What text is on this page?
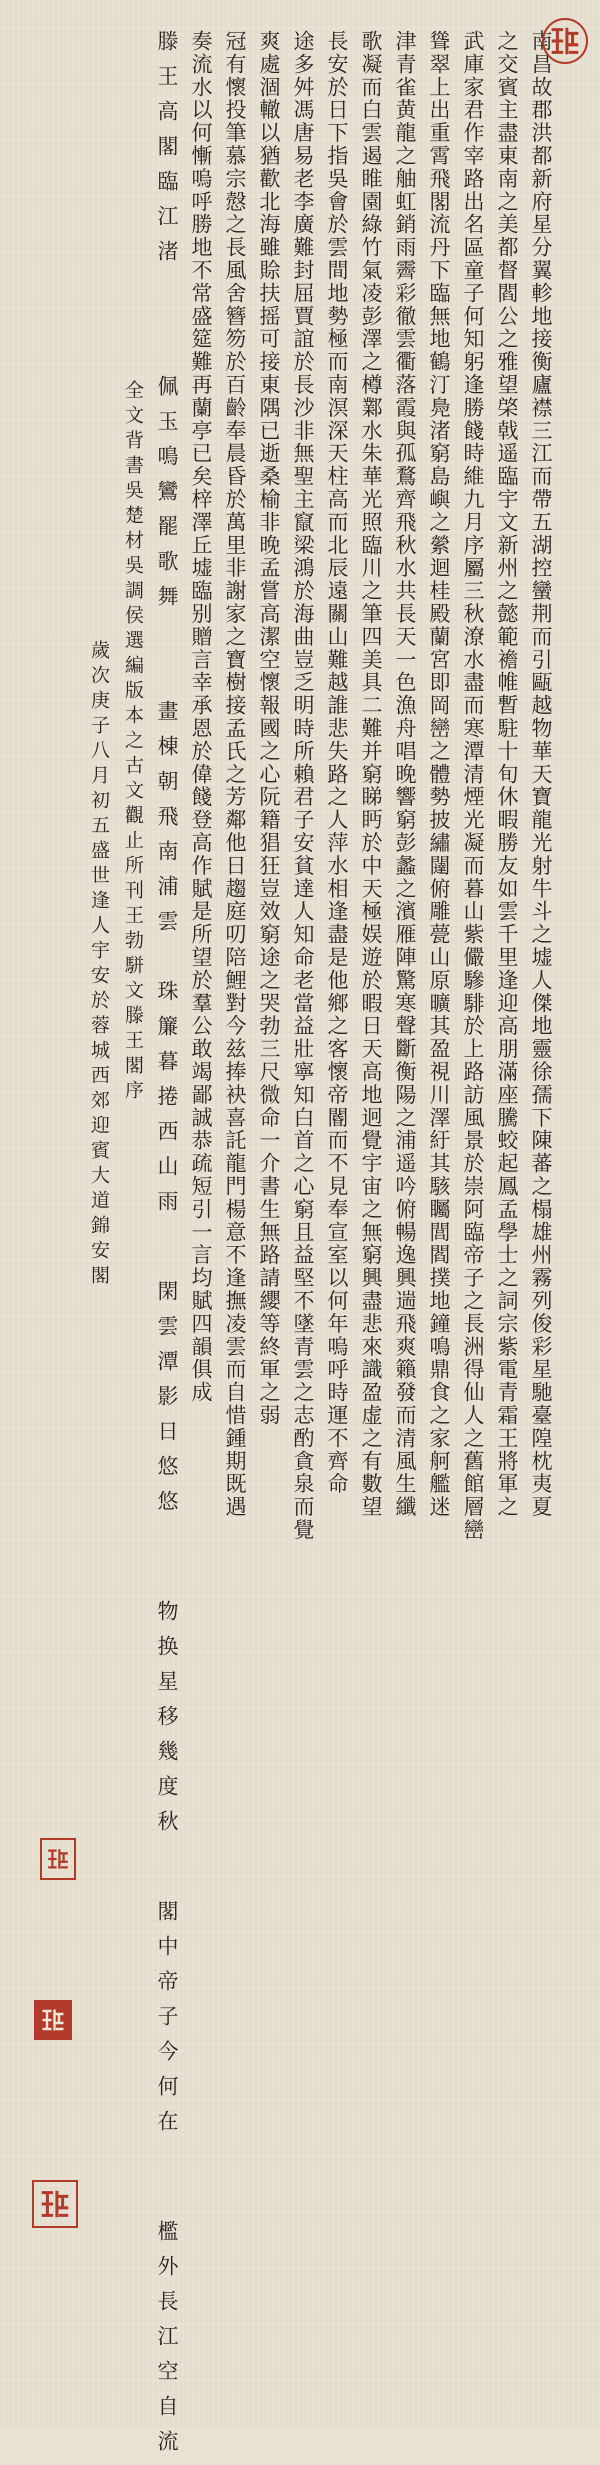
南昌故郡洪都新府星分翼軫地接衡廬襟三江而帶五湖控蠻荆而引甌越物華天寶龍光射牛斗之墟人傑地靈徐孺下陳蕃之榻雄州霧列俊彩星馳臺隍枕夷夏
之交賓主盡東南之美都督閻公之雅望棨戟遥臨宇文新州之懿範襜帷暫駐十旬休暇勝友如雲千里逢迎高朋滿座騰蛟起鳳孟學士之詞宗紫電青霜王將軍之
武庫家君作宰路出名區童子何知躬逢勝餞時維九月序屬三秋潦水盡而寒潭清煙光凝而暮山紫儼驂騑於上路訪風景於崇阿臨帝子之長洲得仙人之舊館層巒
聳翠上出重霄飛閣流丹下臨無地鶴汀鳧渚窮島嶼之縈迴桂殿蘭宮即岡巒之體勢披繡闥俯雕甍山原曠其盈視川澤紆其駭矚閭閻撲地鐘鳴鼎食之家舸艦迷
津青雀黄龍之舳虹銷雨霽彩徹雲衢落霞與孤鶩齊飛秋水共長天一色漁舟唱晚響窮彭蠡之濱雁陣驚寒聲斷衡陽之浦遥吟俯暢逸興遄飛爽籟發而清風生纖
歌凝而白雲遏睢園綠竹氣凌彭澤之樽鄴水朱華光照臨川之筆四美具二難并窮睇眄於中天極娱遊於暇日天高地迥覺宇宙之無窮興盡悲來識盈虚之有數望
長安於日下指吳會於雲間地勢極而南溟深天柱高而北辰遠關山難越誰悲失路之人萍水相逢盡是他鄉之客懷帝閽而不見奉宣室以何年嗚呼時運不齊命
途多舛馮唐易老李廣難封屈賈誼於長沙非無聖主竄梁鴻於海曲豈乏明時所賴君子安貧達人知命老當益壯寧知白首之心窮且益堅不墜青雲之志酌貪泉而覺
爽處涸轍以猶歡北海雖賒扶摇可接東隅已逝桑榆非晚孟嘗高潔空懷報國之心阮籍猖狂豈效窮途之哭勃三尺微命一介書生無路請纓等終軍之弱
冠有懷投筆慕宗慤之長風舍簪笏於百齡奉晨昏於萬里非謝家之寶樹接孟氏之芳鄰他日趨庭叨陪鯉對今兹捧袂喜託龍門楊意不逢撫凌雲而自惜鍾期既遇
奏流水以何慚嗚呼勝地不常盛筵難再蘭亭已矣梓澤丘墟臨别贈言幸承恩於偉餞登高作賦是所望於羣公敢竭鄙誠恭疏短引一言均賦四韻俱成
滕王高閣臨江渚
佩玉鳴鸞罷歌舞
畫棟朝飛南浦雲
珠簾暮捲西山雨
閑雲潭影日悠悠
物换星移幾度秋
閣中帝子今何在
檻外長江空自流
全文背書吳楚材吳調侯選編版本之古文觀止所刊王勃駢文滕王閣序
歲次庚子八月初五盛世逢人宇安於蓉城西郊迎賓大道錦安閣
